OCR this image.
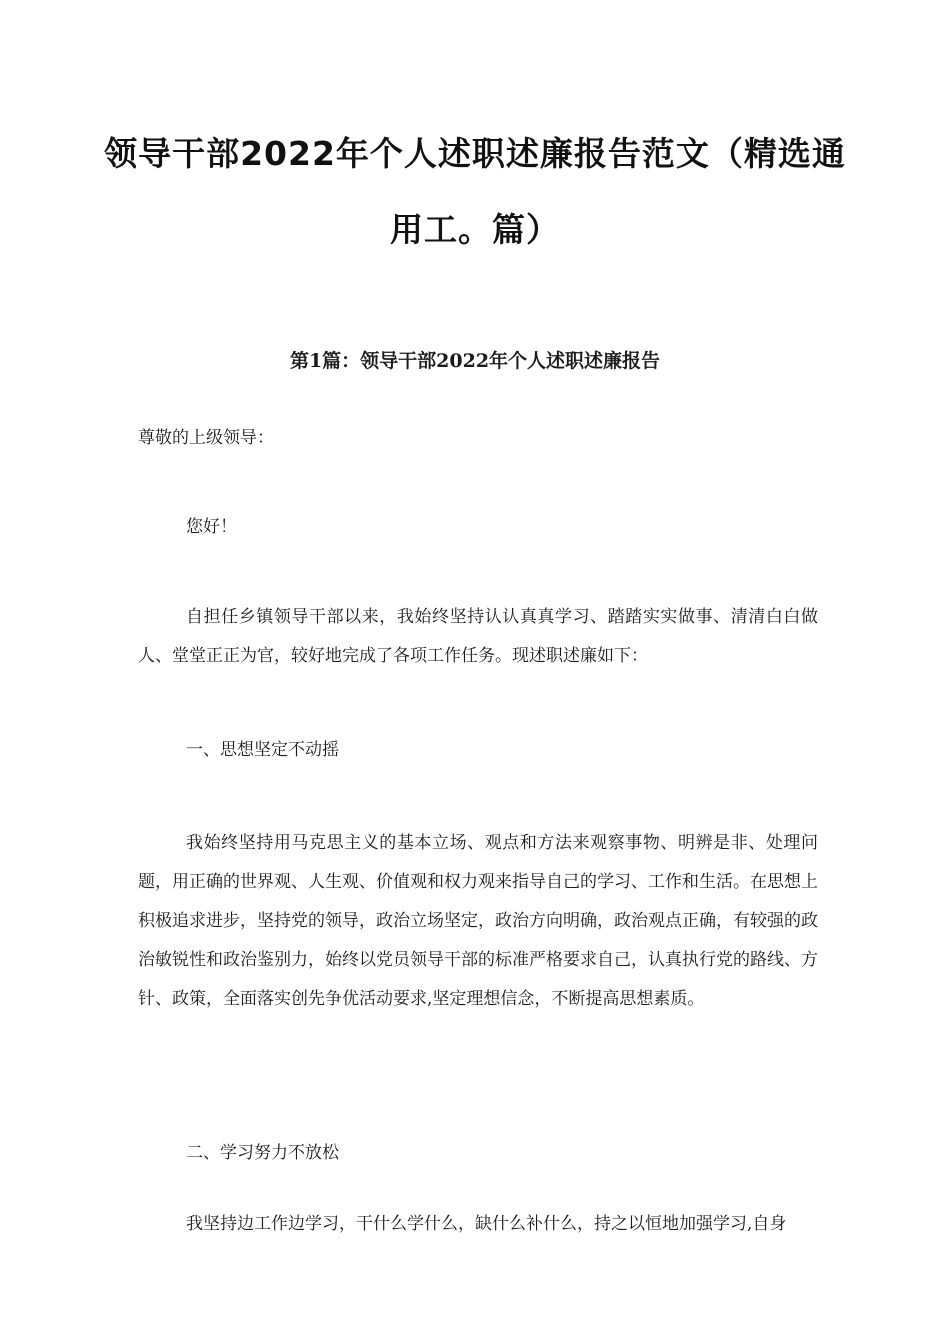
领导干部2022年个人述职述廉报告范文（精选通
用工。篇）
第1篇：领导干部2022年个人述职述廉报告

尊敬的上级领导：

您好！

自担任乡镇领导干部以来，我始终坚持认认真真学习、踏踏实实做事、清清白白做人、堂堂正正为官，较好地完成了各项工作任务。现述职述廉如下：

一、思想坚定不动摇

我始终坚持用马克思主义的基本立场、观点和方法来观察事物、明辨是非、处理问题，用正确的世界观、人生观、价值观和权力观来指导自己的学习、工作和生活。在思想上积极追求进步，坚持党的领导，政治立场坚定，政治方向明确，政治观点正确，有较强的政治敏锐性和政治鉴别力，始终以党员领导干部的标准严格要求自己，认真执行党的路线、方针、政策，全面落实创先争优活动要求,坚定理想信念，不断提高思想素质。

二、学习努力不放松

我坚持边工作边学习，干什么学什么，缺什么补什么，持之以恒地加强学习,自身
